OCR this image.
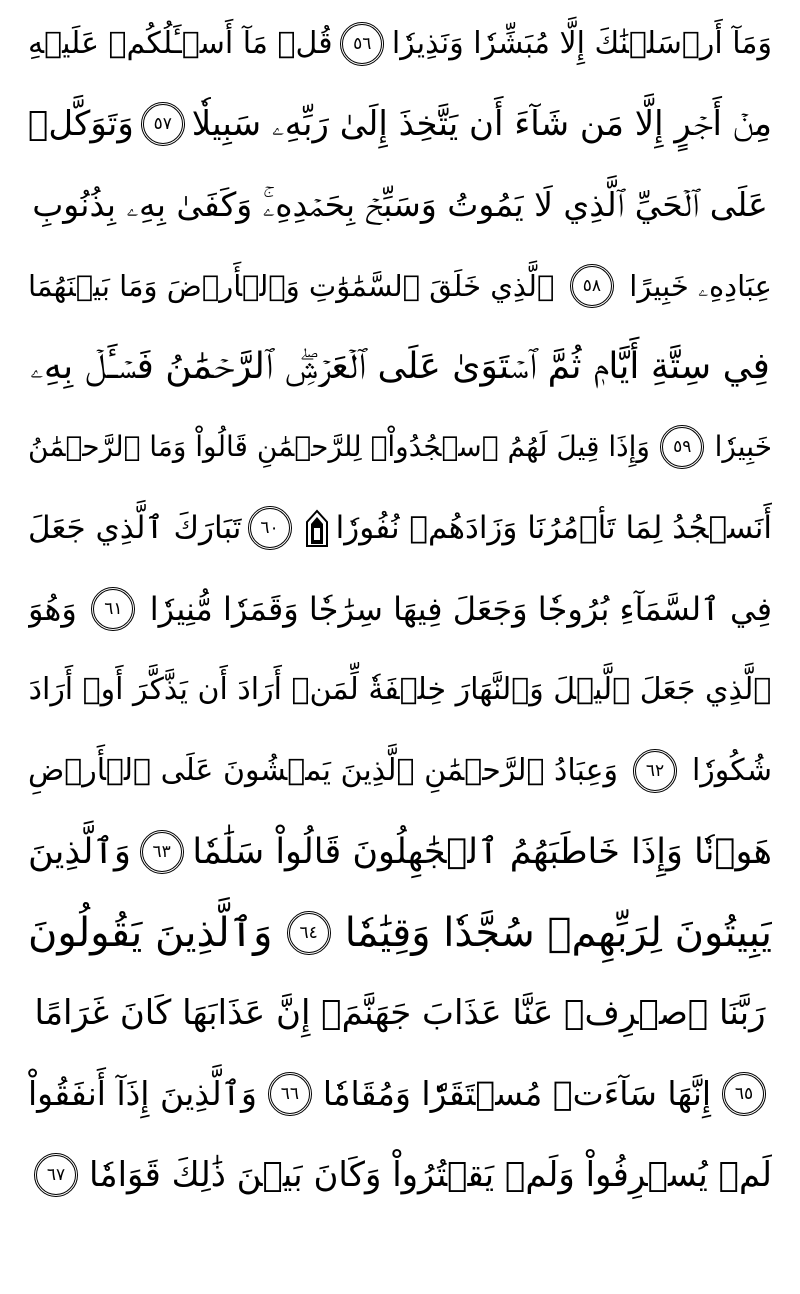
وَمَآ أَرۡسَلۡنَٰكَ إِلَّا مُبَشِّرٗا وَنَذِيرٗا
٥٦
قُلۡ مَآ أَسۡـَٔلُكُمۡ عَلَيۡهِ
مِنۡ أَجۡرٍ إِلَّا مَن شَآءَ أَن يَتَّخِذَ إِلَىٰ رَبِّهِۦ سَبِيلٗا
٥٧
وَتَوَكَّلۡ
عَلَى ٱلۡحَيِّ ٱلَّذِي لَا يَمُوتُ وَسَبِّحۡ بِحَمۡدِهِۦۚ وَكَفَىٰ بِهِۦ بِذُنُوبِ
عِبَادِهِۦ خَبِيرًا
٥٨
ٱلَّذِي خَلَقَ ٱلسَّمَٰوَٰتِ وَٱلۡأَرۡضَ وَمَا بَيۡنَهُمَا
فِي سِتَّةِ أَيَّامٖ ثُمَّ ٱسۡتَوَىٰ عَلَى ٱلۡعَرۡشِۖ ٱلرَّحۡمَٰنُ فَسۡـَٔلۡ بِهِۦ
خَبِيرٗا
٥٩
وَإِذَا قِيلَ لَهُمُ ٱسۡجُدُواْۤ لِلرَّحۡمَٰنِ قَالُواْ وَمَا ٱلرَّحۡمَٰنُ
أَنَسۡجُدُ لِمَا تَأۡمُرُنَا وَزَادَهُمۡ نُفُورٗا
٦٠
تَبَارَكَ ٱلَّذِي جَعَلَ
فِي ٱلسَّمَآءِ بُرُوجٗا وَجَعَلَ فِيهَا سِرَٰجٗا وَقَمَرٗا مُّنِيرٗا
٦١
وَهُوَ
ٱلَّذِي جَعَلَ ٱلَّيۡلَ وَٱلنَّهَارَ خِلۡفَةٗ لِّمَنۡ أَرَادَ أَن يَذَّكَّرَ أَوۡ أَرَادَ
شُكُورٗا
٦٢
وَعِبَادُ ٱلرَّحۡمَٰنِ ٱلَّذِينَ يَمۡشُونَ عَلَى ٱلۡأَرۡضِ
هَوۡنٗا وَإِذَا خَاطَبَهُمُ ٱلۡجَٰهِلُونَ قَالُواْ سَلَٰمٗا
٦٣
وَٱلَّذِينَ
يَبِيتُونَ لِرَبِّهِمۡ سُجَّدٗا وَقِيَٰمٗا
٦٤
وَٱلَّذِينَ يَقُولُونَ
رَبَّنَا ٱصۡرِفۡ عَنَّا عَذَابَ جَهَنَّمَۖ إِنَّ عَذَابَهَا كَانَ غَرَامًا
٦٥
إِنَّهَا سَآءَتۡ مُسۡتَقَرّٗا وَمُقَامٗا
٦٦
وَٱلَّذِينَ إِذَآ أَنفَقُواْ
لَمۡ يُسۡرِفُواْ وَلَمۡ يَقۡتُرُواْ وَكَانَ بَيۡنَ ذَٰلِكَ قَوَامٗا
٦٧
